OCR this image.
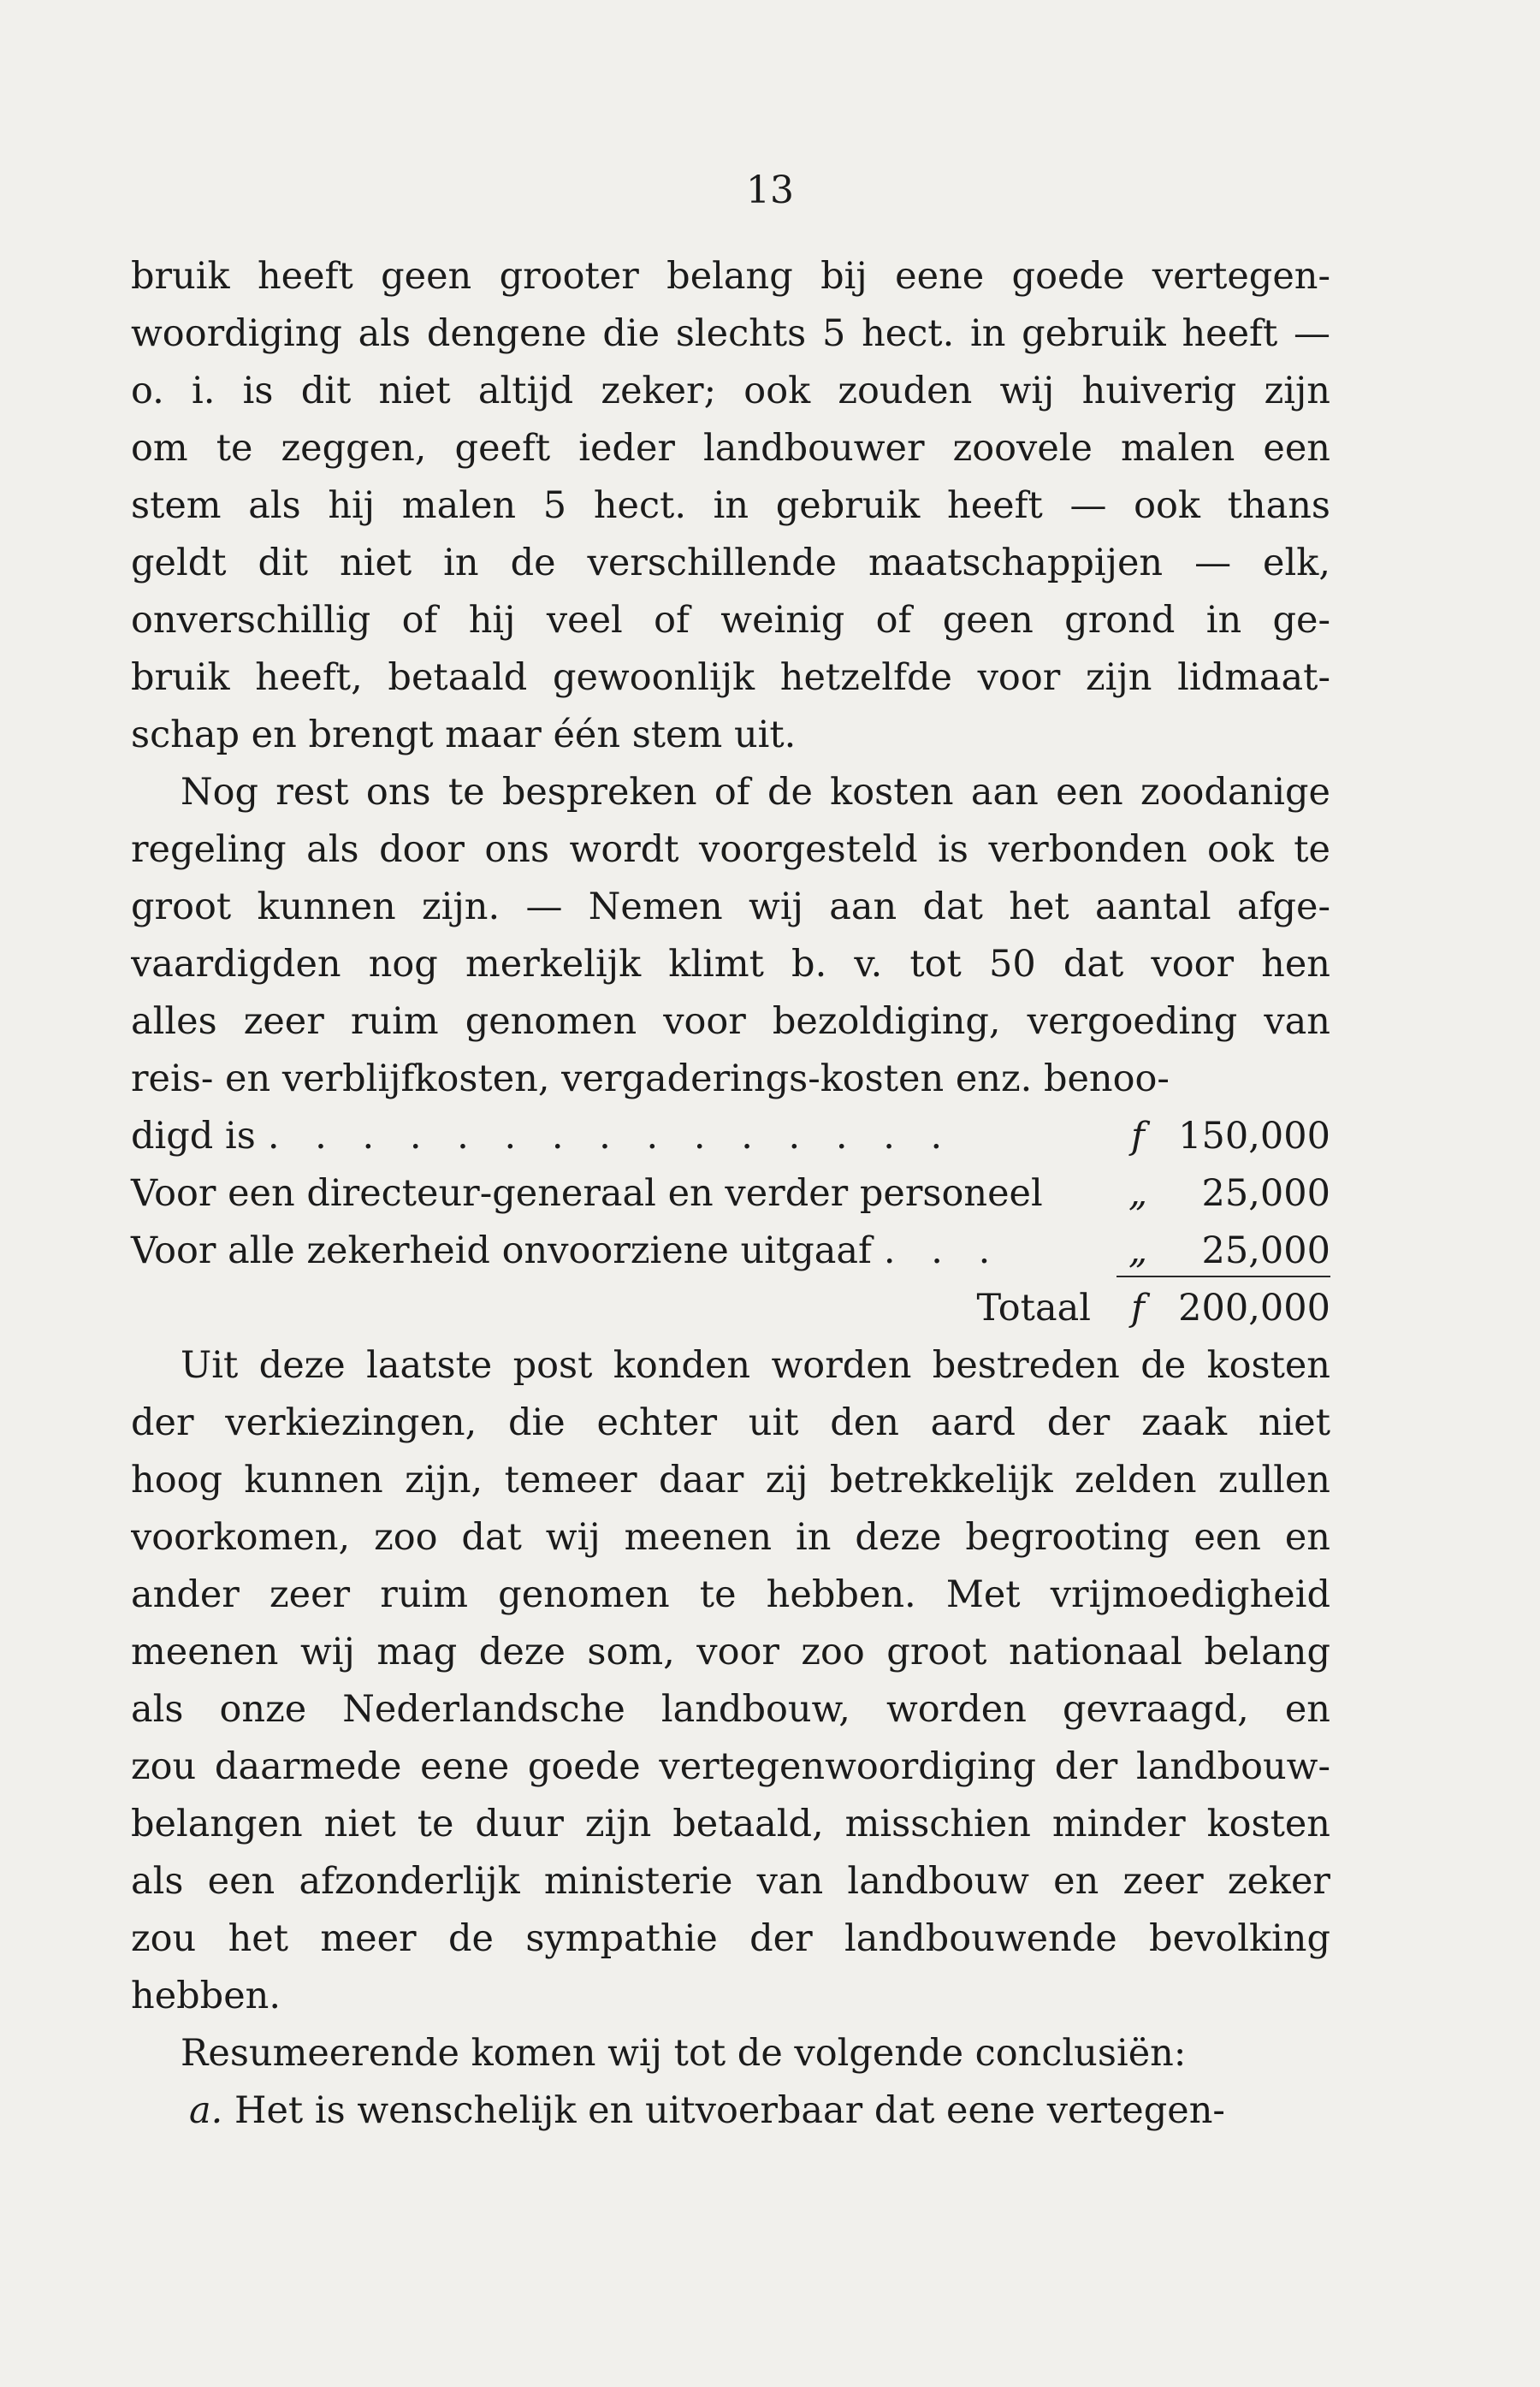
13
bruik heeft geen grooter belang bij eene goede vertegen-
woordiging als dengene die slechts 5 hect. in gebruik heeft —
o. i. is dit niet altijd zeker; ook zouden wij huiverig zijn
om te zeggen, geeft ieder landbouwer zoovele malen een
stem als hij malen 5 hect. in gebruik heeft — ook thans
geldt dit niet in de verschillende maatschappijen — elk,
onverschillig of hij veel of weinig of geen grond in ge-
bruik heeft, betaald gewoonlijk hetzelfde voor zijn lidmaat-
schap en brengt maar één stem uit.
Nog rest ons te bespreken of de kosten aan een zoodanige
regeling als door ons wordt voorgesteld is verbonden ook te
groot kunnen zijn. — Nemen wij aan dat het aantal afge-
vaardigden nog merkelijk klimt b. v. tot 50 dat voor hen
alles zeer ruim genomen voor bezoldiging, vergoeding van
reis- en verblijfkosten, vergaderings-kosten enz. benoo-
digd is . . . . . . . . . . . . . . .	f 150,000
Voor een directeur-generaal en verder personeel	„	25,000
Voor alle zekerheid onvoorziene uitgaaf . . .	„	25,000
Totaal	f 200,000
Uit deze laatste post konden worden bestreden de kosten
der verkiezingen, die echter uit den aard der zaak niet
hoog kunnen zijn, temeer daar zij betrekkelijk zelden zullen
voorkomen, zoo dat wij meenen in deze begrooting een en
ander zeer ruim genomen te hebben. Met vrijmoedigheid
meenen wij mag deze som, voor zoo groot nationaal belang
als onze Nederlandsche landbouw, worden gevraagd, en
zou daarmede eene goede vertegenwoordiging der landbouw-
belangen niet te duur zijn betaald, misschien minder kosten
als een afzonderlijk ministerie van landbouw en zeer zeker
zou het meer de sympathie der landbouwende bevolking
hebben.
Resumeerende komen wij tot de volgende conclusiën:
a. Het is wenschelijk en uitvoerbaar dat eene vertegen-
